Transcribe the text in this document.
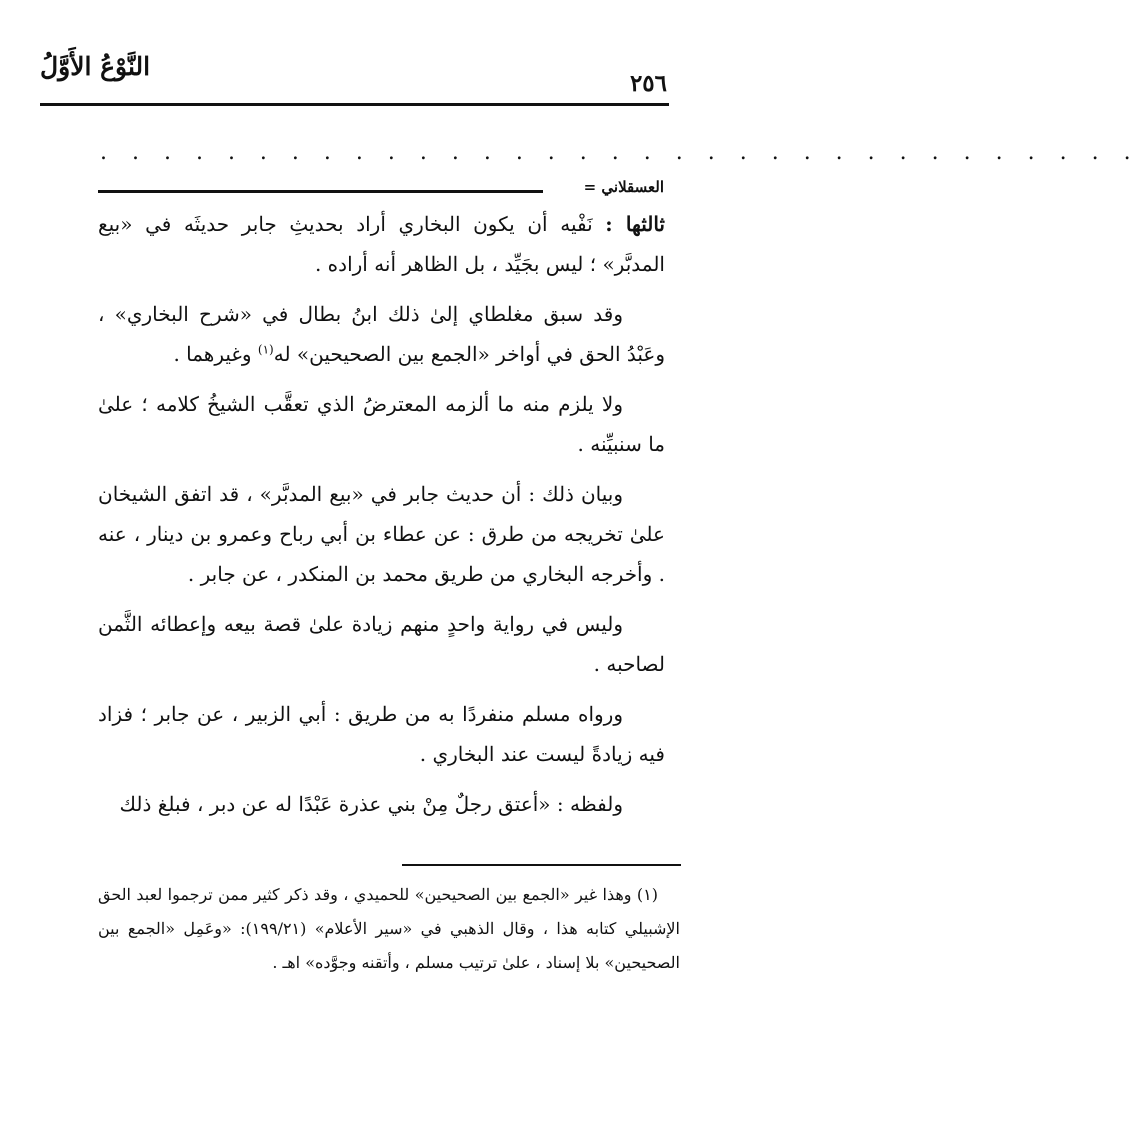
النَّوْعُ الأَوَّلُ
٢٥٦
. . . . . . . . . . . . . . . . . . . . . . . . . . . . . . . . .
العسقلاني =

ثالثها : نَفْيه أن يكون البخاري أراد بحديثِ جابر حديثَه في «بيع المدبَّر» ؛ ليس بجَيِّد ، بل الظاهر أنه أراده .

وقد سبق مغلطاي إلىٰ ذلك ابنُ بطال في «شرح البخاري» ، وعَبْدُ الحق في أواخر «الجمع بين الصحيحين» له$^{(١)}$ وغيرهما .

ولا يلزم منه ما ألزمه المعترضُ الذي تعقَّب الشيخُ كلامه ؛ علىٰ ما سنبيِّنه .

وبيان ذلك : أن حديث جابر في «بيع المدبَّر» ، قد اتفق الشيخان علىٰ تخريجه من طرق : عن عطاء بن أبي رباح وعمرو بن دينار ، عنه . وأخرجه البخاري من طريق محمد بن المنكدر ، عن جابر .

وليس في رواية واحدٍ منهم زيادة علىٰ قصة بيعه وإعطائه الثَّمن لصاحبه .

ورواه مسلم منفردًا به من طريق : أبي الزبير ، عن جابر ؛ فزاد فيه زيادةً ليست عند البخاري .

ولفظه : «أعتق رجلٌ مِنْ بني عذرة عَبْدًا له عن دبر ، فبلغ ذلك

(١) وهذا غير «الجمع بين الصحيحين» للحميدي ، وقد ذكر كثير ممن ترجموا لعبد الحق الإشبيلي كتابه هذا ، وقال الذهبي في «سير الأعلام» (١٩٩/٢١): «وعَمِل «الجمع بين الصحيحين» بلا إسناد ، علىٰ ترتيب مسلم ، وأتقنه وجوَّده» اهـ .
